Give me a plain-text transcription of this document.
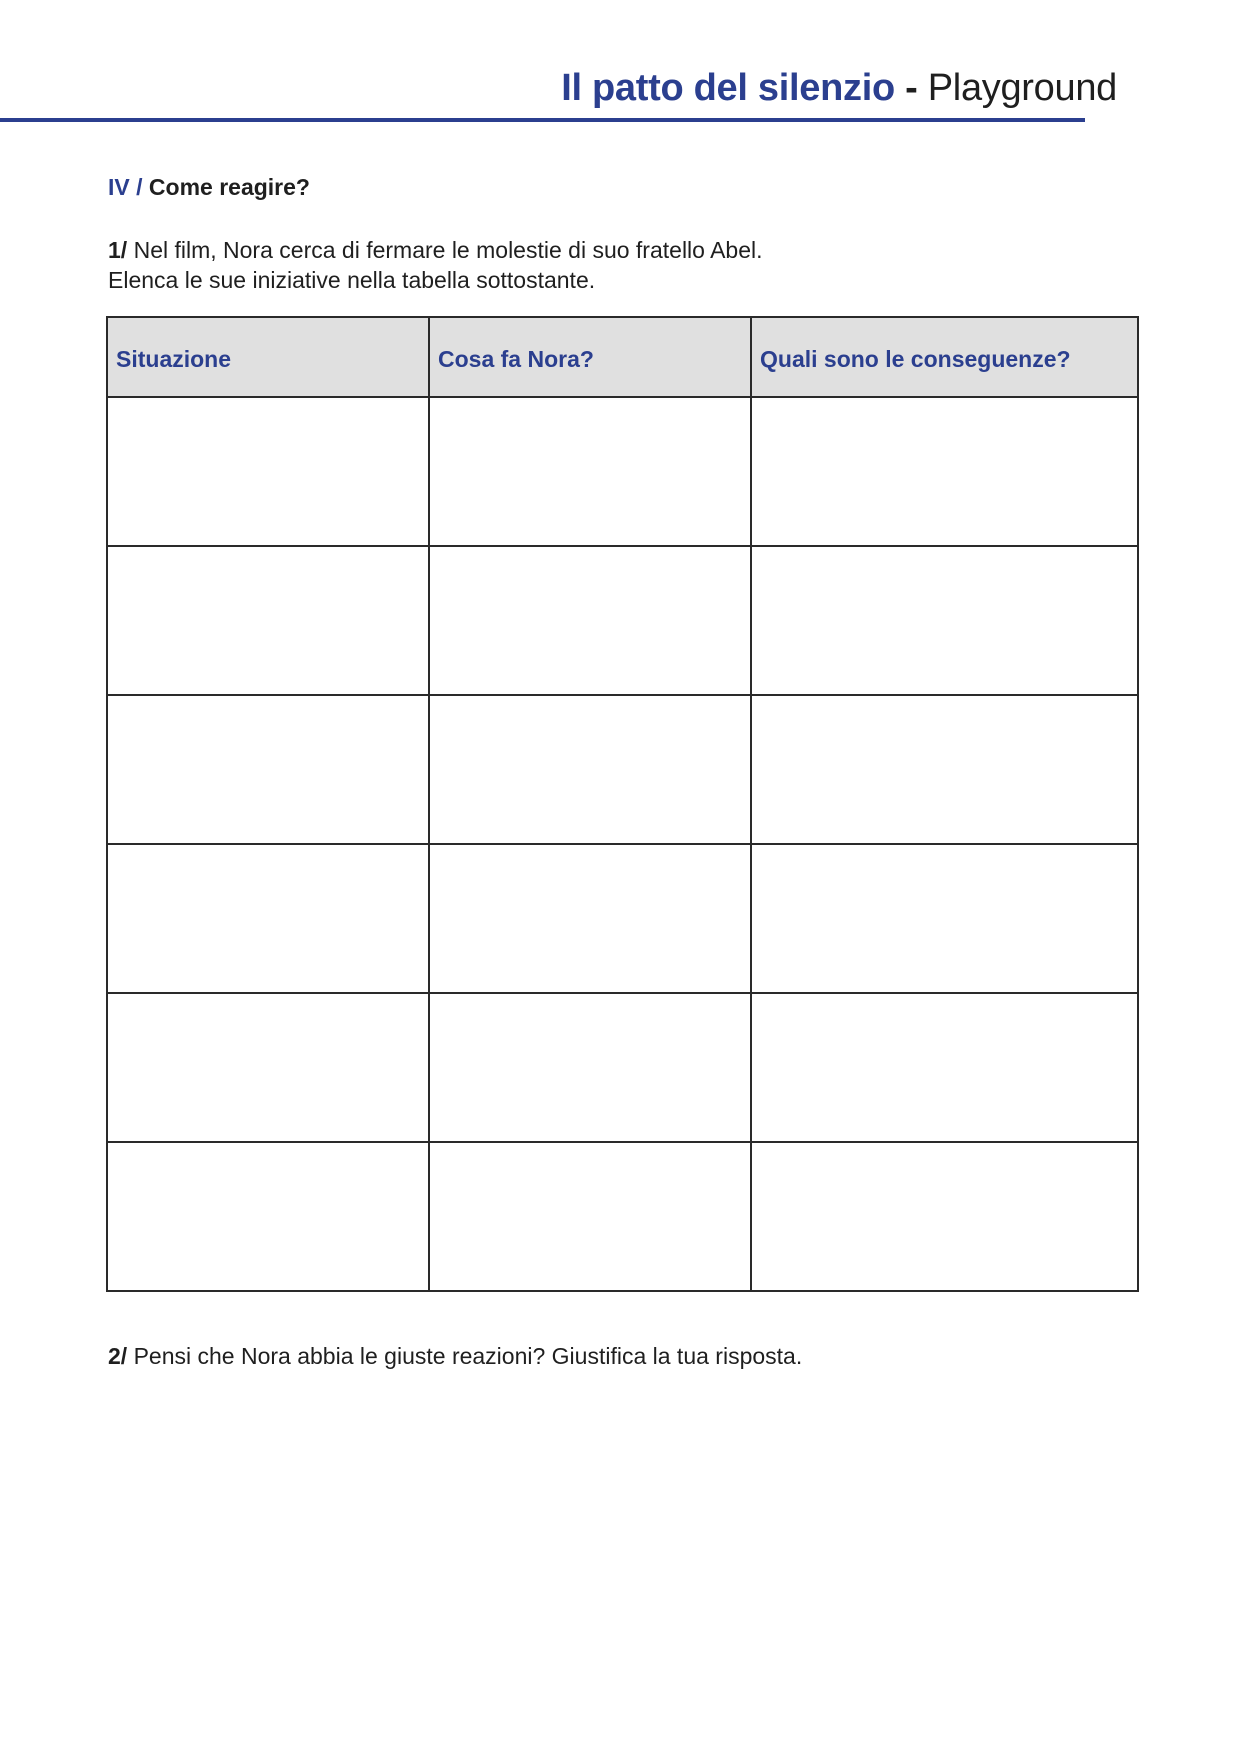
Il patto del silenzio - Playground
IV / Come reagire?
1/ Nel film, Nora cerca di fermare le molestie di suo fratello Abel.
Elenca le sue iniziative nella tabella sottostante.
Situazione	Cosa fa Nora?	Quali sono le conseguenze?

2/ Pensi che Nora abbia le giuste reazioni? Giustifica la tua risposta.
